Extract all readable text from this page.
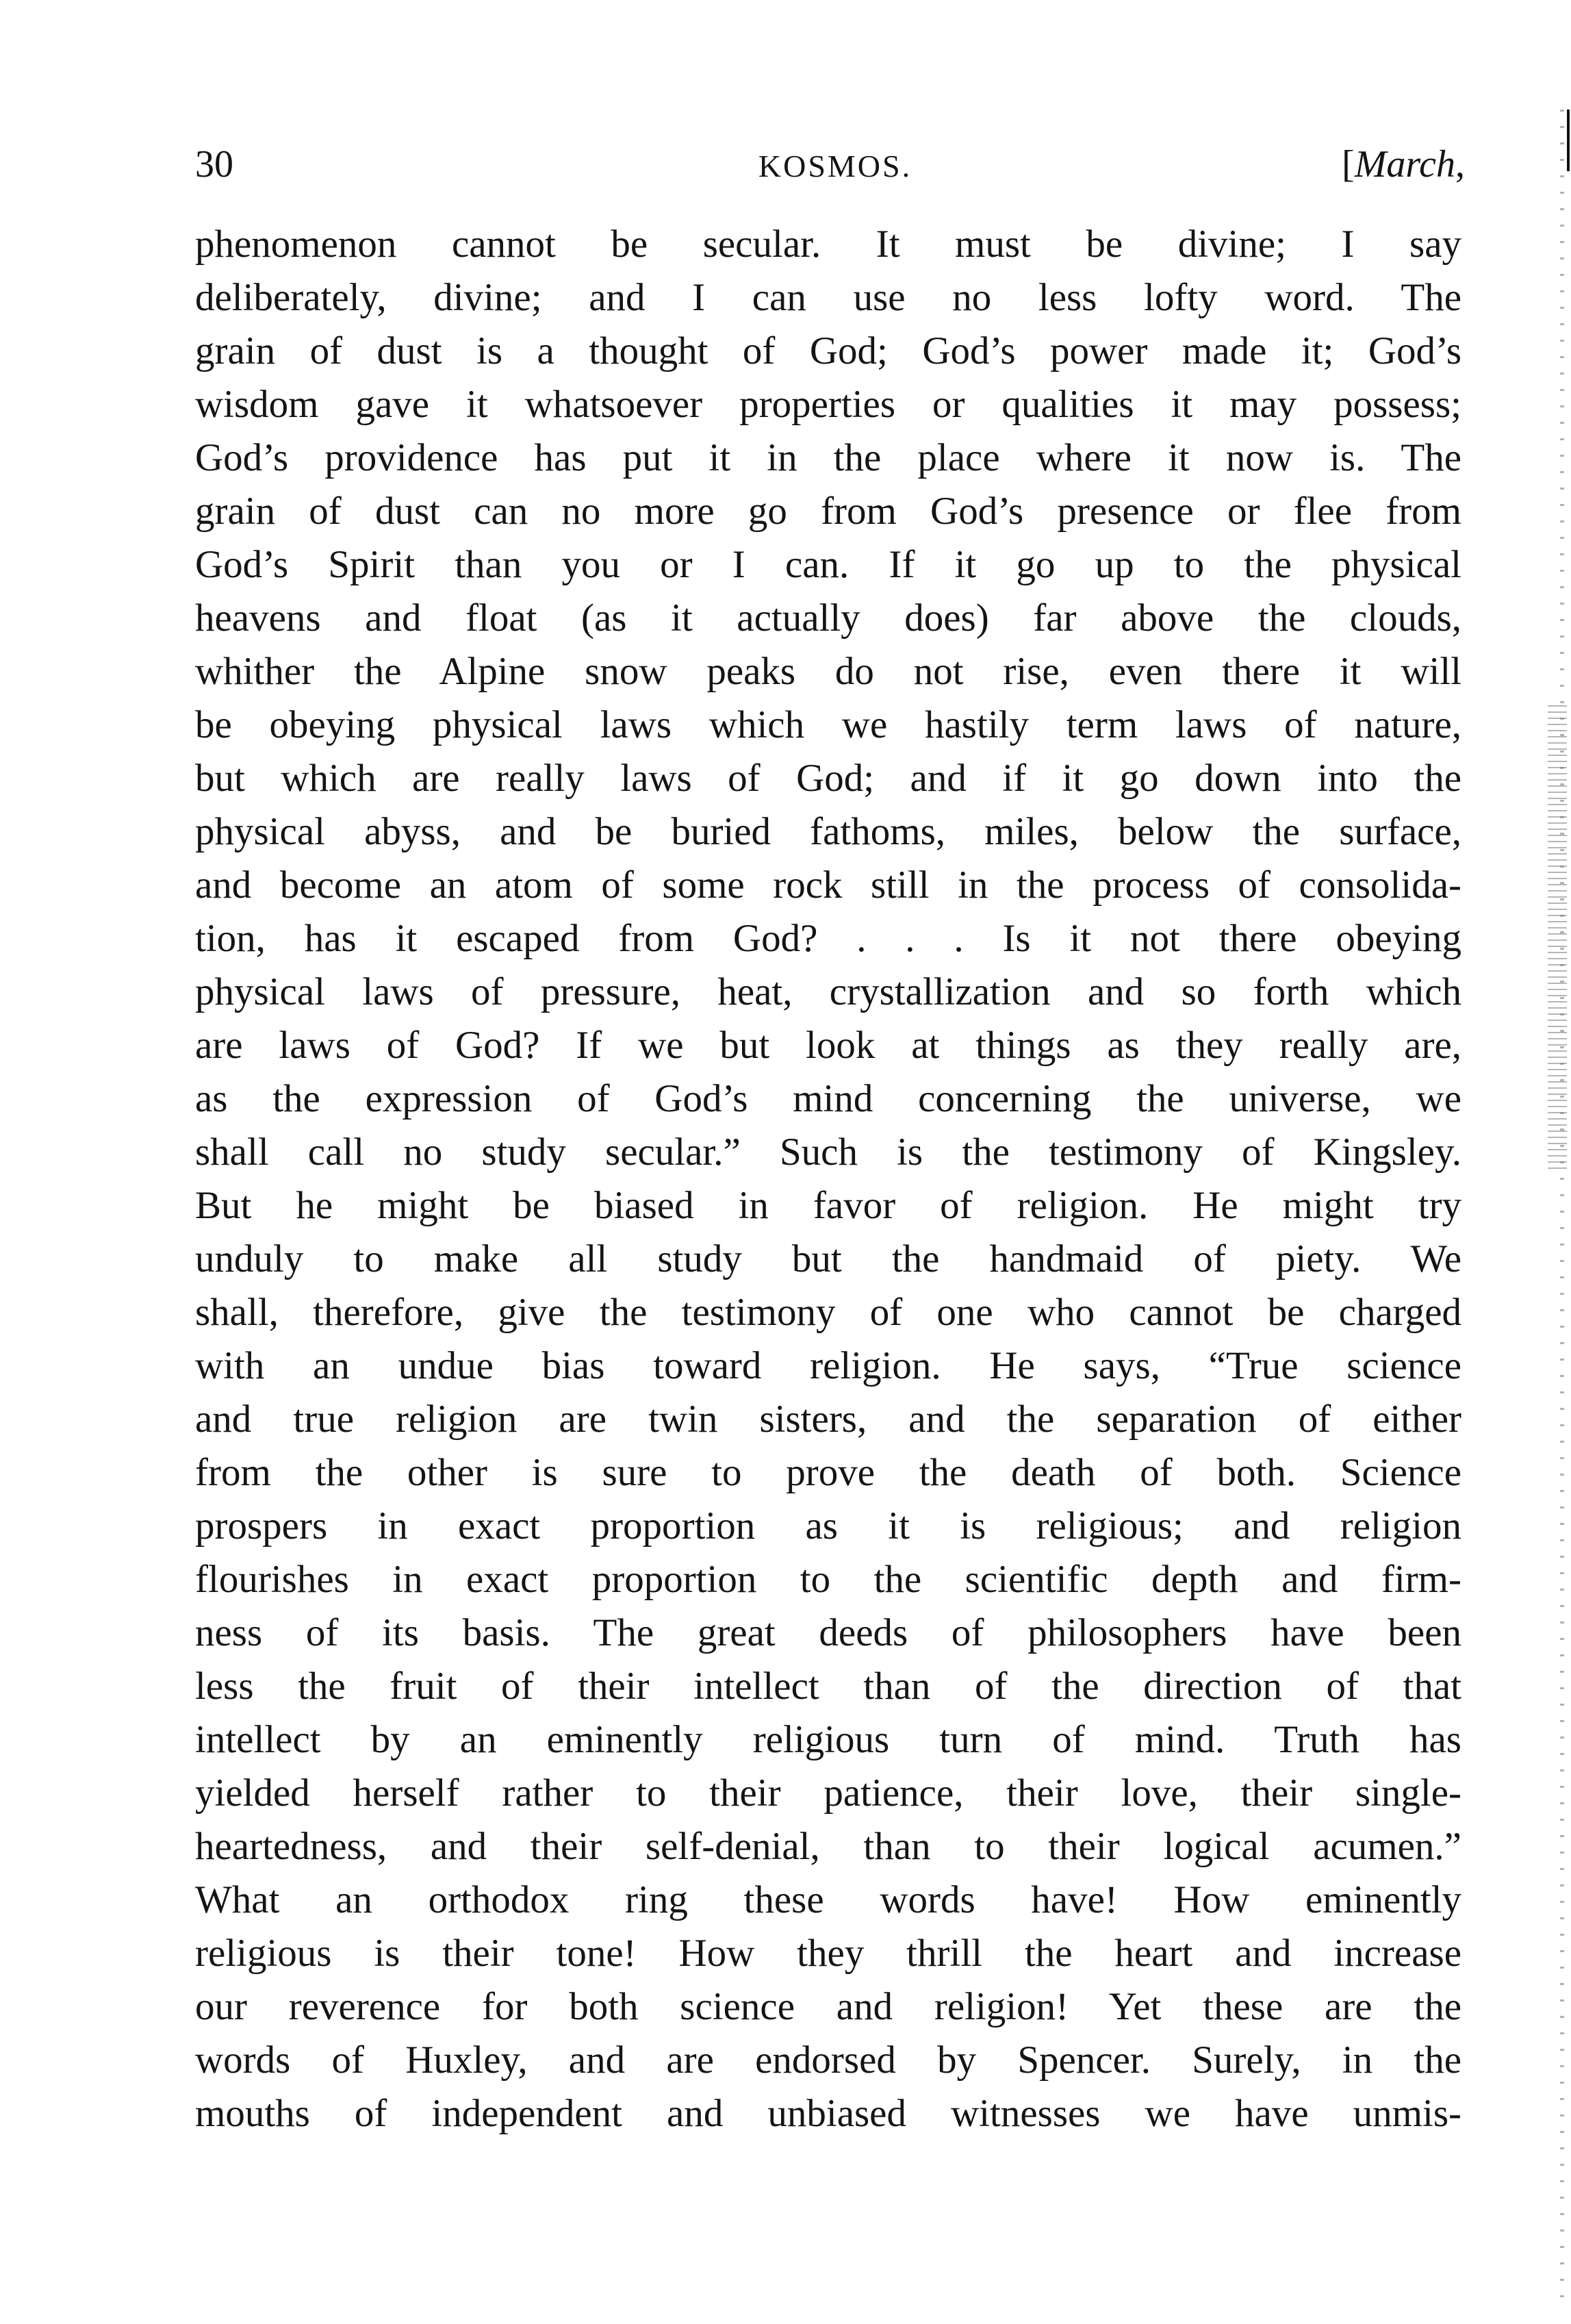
30	KOSMOS.	[March,
phenomenon cannot be secular. It must be divine; I say
deliberately, divine; and I can use no less lofty word. The
grain of dust is a thought of God; God’s power made it; God’s
wisdom gave it whatsoever properties or qualities it may possess;
God’s providence has put it in the place where it now is. The
grain of dust can no more go from God’s presence or flee from
God’s Spirit than you or I can. If it go up to the physical
heavens and float (as it actually does) far above the clouds,
whither the Alpine snow peaks do not rise, even there it will
be obeying physical laws which we hastily term laws of nature,
but which are really laws of God; and if it go down into the
physical abyss, and be buried fathoms, miles, below the surface,
and become an atom of some rock still in the process of consolida-
tion, has it escaped from God? . . . Is it not there obeying
physical laws of pressure, heat, crystallization and so forth which
are laws of God? If we but look at things as they really are,
as the expression of God’s mind concerning the universe, we
shall call no study secular.” Such is the testimony of Kingsley.
But he might be biased in favor of religion. He might try
unduly to make all study but the handmaid of piety. We
shall, therefore, give the testimony of one who cannot be charged
with an undue bias toward religion. He says, “True science
and true religion are twin sisters, and the separation of either
from the other is sure to prove the death of both. Science
prospers in exact proportion as it is religious; and religion
flourishes in exact proportion to the scientific depth and firm-
ness of its basis. The great deeds of philosophers have been
less the fruit of their intellect than of the direction of that
intellect by an eminently religious turn of mind. Truth has
yielded herself rather to their patience, their love, their single-
heartedness, and their self-denial, than to their logical acumen.”
What an orthodox ring these words have! How eminently
religious is their tone! How they thrill the heart and increase
our reverence for both science and religion! Yet these are the
words of Huxley, and are endorsed by Spencer. Surely, in the
mouths of independent and unbiased witnesses we have unmis-
